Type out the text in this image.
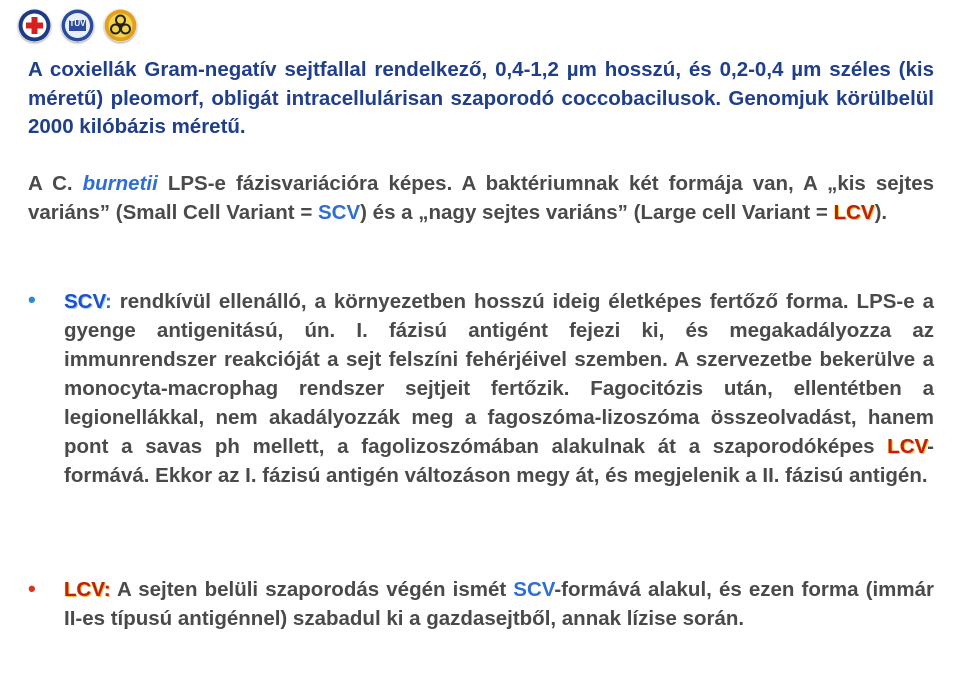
TÜV
A coxiellák Gram-negatív sejtfallal rendelkező, 0,4-1,2 µm hosszú, és 0,2-0,4 µm széles (kis méretű) pleomorf, obligát intracellulárisan szaporodó coccobacilusok. Genomjuk körülbelül 2000 kilóbázis méretű.
A C. burnetii LPS-e fázisvariációra képes. A baktériumnak két formája van, A „kis sejtes variáns” (Small Cell Variant = SCV) és a „nagy sejtes variáns” (Large cell Variant = LCV).
• SCV: rendkívül ellenálló, a környezetben hosszú ideig életképes fertőző forma. LPS-e a gyenge antigenitású, ún. I. fázisú antigént fejezi ki, és megakadályozza az immunrendszer reakcióját a sejt felszíni fehérjéivel szemben. A szervezetbe bekerülve a monocyta-macrophag rendszer sejtjeit fertőzik. Fagocitózis után, ellentétben a legionellákkal, nem akadályozzák meg a fagoszóma-lizoszóma összeolvadást, hanem pont a savas ph mellett, a fagolizoszómában alakulnak át a szaporodóképes LCV-formává. Ekkor az I. fázisú antigén változáson megy át, és megjelenik a II. fázisú antigén.
• LCV: A sejten belüli szaporodás végén ismét SCV-formává alakul, és ezen forma (immár II-es típusú antigénnel) szabadul ki a gazdasejtből, annak lízise során.
